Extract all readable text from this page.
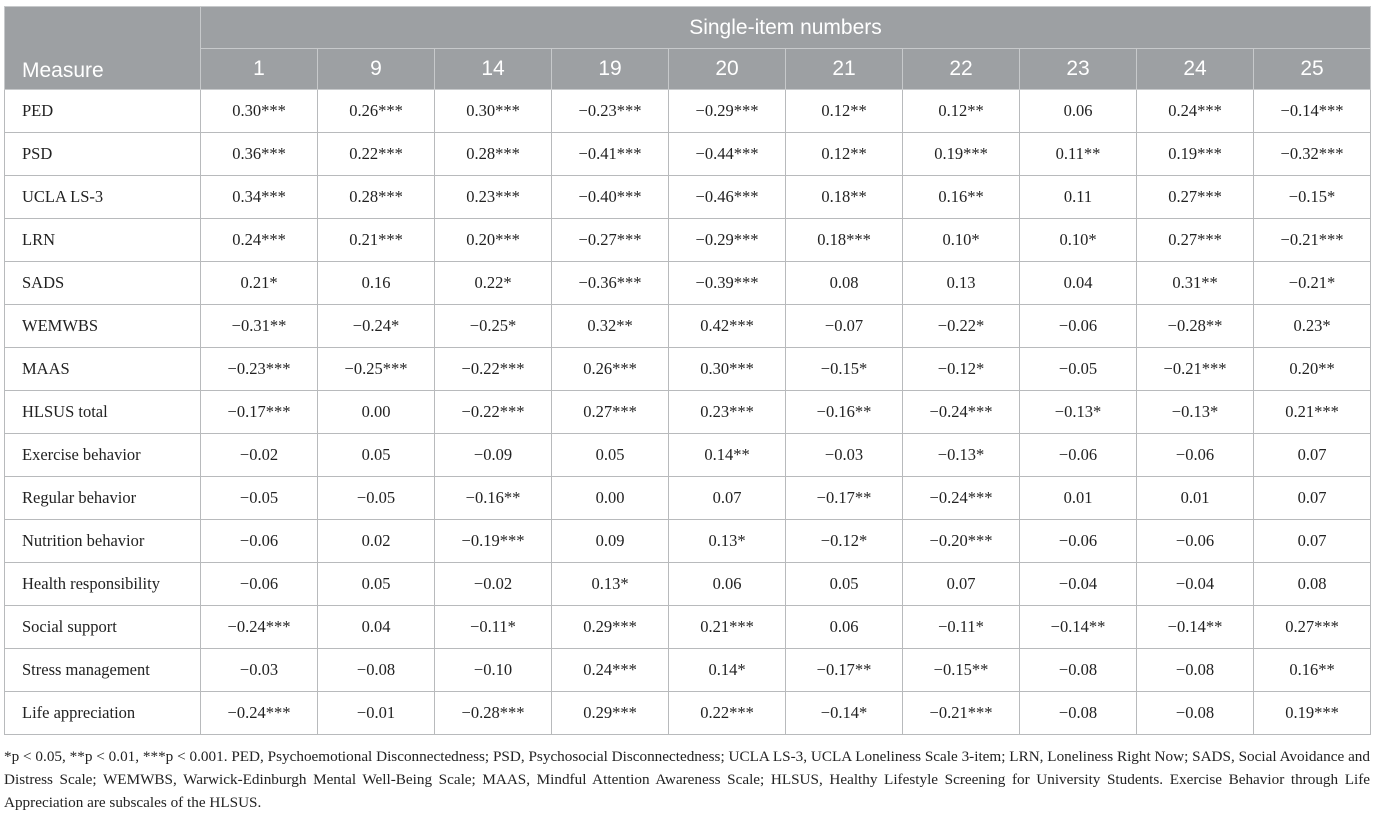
Measure	Single-item numbers									
	1	9	14	19	20	21	22	23	24	25
PED	0.30***	0.26***	0.30***	−0.23***	−0.29***	0.12**	0.12**	0.06	0.24***	−0.14***
PSD	0.36***	0.22***	0.28***	−0.41***	−0.44***	0.12**	0.19***	0.11**	0.19***	−0.32***
UCLA LS-3	0.34***	0.28***	0.23***	−0.40***	−0.46***	0.18**	0.16**	0.11	0.27***	−0.15*
LRN	0.24***	0.21***	0.20***	−0.27***	−0.29***	0.18***	0.10*	0.10*	0.27***	−0.21***
SADS	0.21*	0.16	0.22*	−0.36***	−0.39***	0.08	0.13	0.04	0.31**	−0.21*
WEMWBS	−0.31**	−0.24*	−0.25*	0.32**	0.42***	−0.07	−0.22*	−0.06	−0.28**	0.23*
MAAS	−0.23***	−0.25***	−0.22***	0.26***	0.30***	−0.15*	−0.12*	−0.05	−0.21***	0.20**
HLSUS total	−0.17***	0.00	−0.22***	0.27***	0.23***	−0.16**	−0.24***	−0.13*	−0.13*	0.21***
Exercise behavior	−0.02	0.05	−0.09	0.05	0.14**	−0.03	−0.13*	−0.06	−0.06	0.07
Regular behavior	−0.05	−0.05	−0.16**	0.00	0.07	−0.17**	−0.24***	0.01	0.01	0.07
Nutrition behavior	−0.06	0.02	−0.19***	0.09	0.13*	−0.12*	−0.20***	−0.06	−0.06	0.07
Health responsibility	−0.06	0.05	−0.02	0.13*	0.06	0.05	0.07	−0.04	−0.04	0.08
Social support	−0.24***	0.04	−0.11*	0.29***	0.21***	0.06	−0.11*	−0.14**	−0.14**	0.27***
Stress management	−0.03	−0.08	−0.10	0.24***	0.14*	−0.17**	−0.15**	−0.08	−0.08	0.16**
Life appreciation	−0.24***	−0.01	−0.28***	0.29***	0.22***	−0.14*	−0.21***	−0.08	−0.08	0.19***
*p < 0.05, **p < 0.01, ***p < 0.001. PED, Psychoemotional Disconnectedness; PSD, Psychosocial Disconnectedness; UCLA LS-3, UCLA Loneliness Scale 3-item; LRN, Loneliness Right Now; SADS, Social Avoidance and Distress Scale; WEMWBS, Warwick-Edinburgh Mental Well-Being Scale; MAAS, Mindful Attention Awareness Scale; HLSUS, Healthy Lifestyle Screening for University Students. Exercise Behavior through Life Appreciation are subscales of the HLSUS.
